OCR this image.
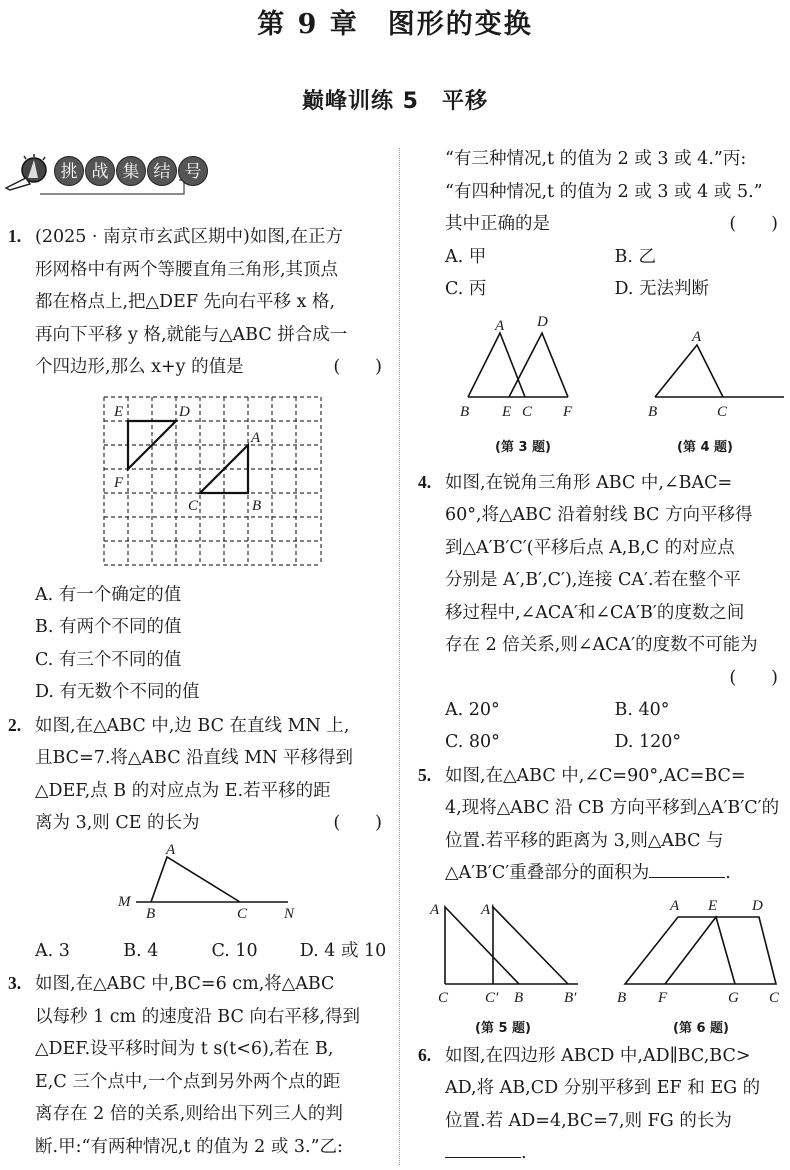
第 9 章　图形的变换
巅峰训练 5　平移
挑 战 集 结 号
1. (2025 · 南京市玄武区期中)如图,在正方
形网格中有两个等腰直角三角形,其顶点
都在格点上,把△DEF 先向右平移 x 格,
再向下平移 y 格,就能与△ABC 拼合成一
个四边形,那么 x+y 的值是	(　　)
E	D
F
A
C	B
A. 有一个确定的值
B. 有两个不同的值
C. 有三个不同的值
D. 有无数个不同的值
2. 如图,在△ABC 中,边 BC 在直线 MN 上,
且BC=7.将△ABC 沿直线 MN 平移得到
△DEF,点 B 的对应点为 E.若平移的距
离为 3,则 CE 的长为	(　　)
A
M
B	C N
A. 3	B. 4	C. 10	D. 4 或 10
3. 如图,在△ABC 中,BC=6 cm,将△ABC
以每秒 1 cm 的速度沿 BC 向右平移,得到
△DEF.设平移时间为 t s(t<6),若在 B,
E,C 三个点中,一个点到另外两个点的距
离存在 2 倍的关系,则给出下列三人的判
断.甲:“有两种情况,t 的值为 2 或 3.”乙:
“有三种情况,t 的值为 2 或 3 或 4.”丙:
“有四种情况,t 的值为 2 或 3 或 4 或 5.”
其中正确的是	(　　)
A. 甲	B. 乙
C. 丙	D. 无法判断
A D
B E C F
A
B	C
(第 3 题)	(第 4 题)
4. 如图,在锐角三角形 ABC 中,∠BAC=
60°,将△ABC 沿着射线 BC 方向平移得
到△A′B′C′(平移后点 A,B,C 的对应点
分别是 A′,B′,C′),连接 CA′.若在整个平
移过程中,∠ACA′和∠CA′B′的度数之间
存在 2 倍关系,则∠ACA′的度数不可能为
(　　)
A. 20°	B. 40°
C. 80°	D. 120°
5. 如图,在△ABC 中,∠C=90°,AC=BC=
4,现将△ABC 沿 CB 方向平移到△A′B′C′的
位置.若平移的距离为 3,则△ABC 与
△A′B′C′重叠部分的面积为	.
A	A′
C C′ B	B′
A E D
B F	G C
(第 5 题)	(第 6 题)
6. 如图,在四边形 ABCD 中,AD∥BC,BC>
AD,将 AB,CD 分别平移到 EF 和 EG 的
位置.若 AD=4,BC=7,则 FG 的长为
.
